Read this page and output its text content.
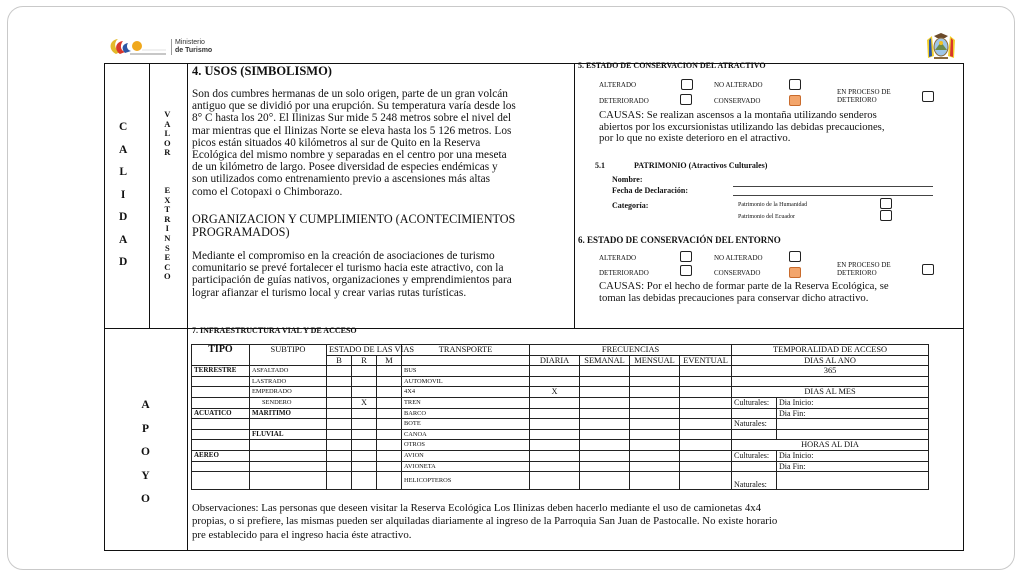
Ministerio
de Turismo
C
A
L
I
D
A
D
V
A
L
O
R
E
X
T
R
I
N
S
E
C
O
4. USOS (SIMBOLISMO)
Son dos cumbres hermanas de un solo origen, parte de un gran volcán
antiguo que se dividió por una erupción. Su temperatura varía desde los
8° C hasta los 20°. El Ilinizas Sur mide 5 248 metros sobre el nivel del
mar mientras que el Ilinizas Norte se eleva hasta los 5 126 metros. Los
picos están situados 40 kilómetros al sur de Quito en la Reserva
Ecológica del mismo nombre y separadas en el centro por una meseta
de un kilómetro de largo. Posee diversidad de especies endémicas y
son utilizados como entrenamiento previo a ascensiones más altas
como el Cotopaxi o Chimborazo.
ORGANIZACION Y CUMPLIMIENTO (ACONTECIMIENTOS
PROGRAMADOS)
Mediante el compromiso en la creación de asociaciones de turismo
comunitario se prevé fortalecer el turismo hacia este atractivo, con la
participación de guías nativos, organizaciones y emprendimientos para
lograr afianzar el turismo local y crear varias rutas turísticas.
5. ESTADO DE CONSERVACION DEL ATRACTIVO
ALTERADO	NO ALTERADO
EN PROCESO DE
DETERIORO
DETERIORADO	CONSERVADO
CAUSAS: Se realizan ascensos a la montaña utilizando senderos
abiertos por los excursionistas utilizando las debidas precauciones,
por lo que no existe deterioro en el atractivo.
5.1	PATRIMONIO (Atractivos Culturales)
Nombre:
Fecha de Declaración:
Categoría:	Patrimonio de la Humanidad
Patrimonio del Ecuador
6. ESTADO DE CONSERVACIÓN DEL ENTORNO
ALTERADO	NO ALTERADO
EN PROCESO DE
DETERIORO
DETERIORADO	CONSERVADO
CAUSAS: Por el hecho de formar parte de la Reserva Ecológica, se
toman las debidas precauciones para conservar dicho atractivo.
A
P
O
Y
O
7. INFRAESTRUCTURA VIAL Y DE ACCESO
TIPO	SUBTIPO	ESTADO DE LAS VIAS			TRANSPORTE	FRECUENCIAS				TEMPORALIDAD DE ACCESO	
		B	R	M		DIARIA	SEMANAL	MENSUAL	EVENTUAL	DIAS AL ANO	
TERRESTRE	ASFALTADO				BUS					365	
	LASTRADO				AUTOMOVIL						
	EMPEDRADO				4X4	X				DIAS AL MES	
	SENDERO		X		TREN					Culturales:	Dia Inicio:
ACUATICO	MARITIMO				BARCO						Dia Fin:
					BOTE					Naturales:	
	FLUVIAL				CANOA						
					OTROS					HORAS AL DIA	
AEREO					AVION					Culturales:	Dia Inicio:
					AVIONETA						Dia Fin:
					HELICOPTEROS					Naturales:	
Observaciones: Las personas que deseen visitar la Reserva Ecológica Los Ilinizas deben hacerlo mediante el uso de camionetas 4x4
propias, o si prefiere, las mismas pueden ser alquiladas diariamente al ingreso de la Parroquia San Juan de Pastocalle. No existe horario
pre establecido para el ingreso hacia éste atractivo.
